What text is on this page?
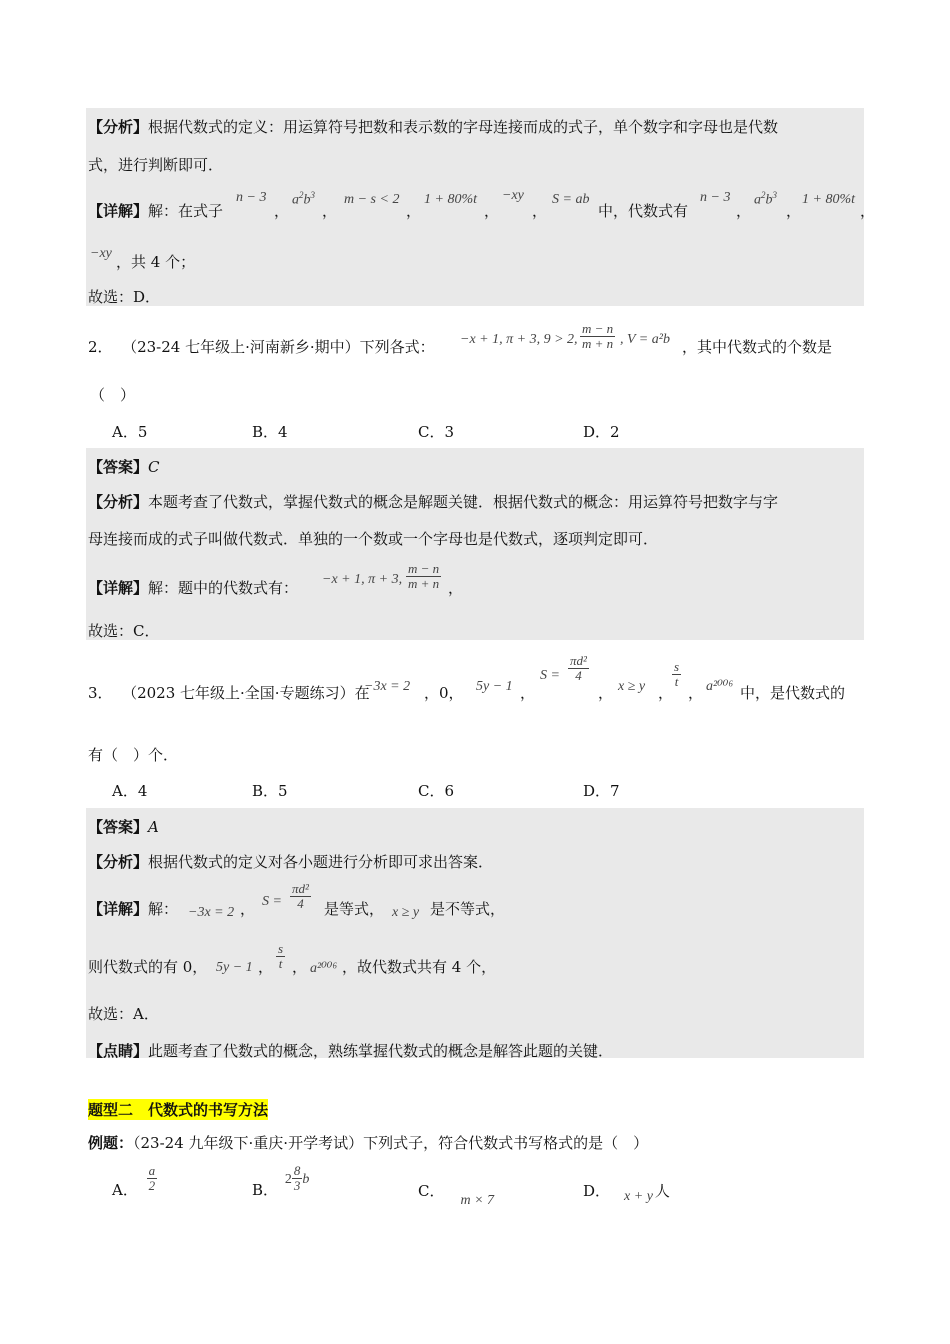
【分析】根据代数式的定义：用运算符号把数和表示数的字母连接而成的式子，单个数字和字母也是代数
式，进行判断即可．
【详解】解：在式子
n − 3
，
$a^2b^3$
，
m − s < 2
，
1 + 80%t
，
−xy
，
S = ab
中，代数式有
n − 3
，
$a^2b^3$
，
1 + 80%t
，
−xy ，共 4 个；
故选：D．
2． （23-24 七年级上·河南新乡·期中）下列各式： −x + 1, π + 3, 9 > 2, $\frac{m - n}{m + n}$ , V = a²b ，其中代数式的个数是
（　）
A．5	B．4	C．3	D．2
【答案】C
【分析】本题考查了代数式，掌握代数式的概念是解题关键．根据代数式的概念：用运算符号把数字与字
母连接而成的式子叫做代数式．单独的一个数或一个字母也是代数式，逐项判定即可．
【详解】解：题中的代数式有： −x + 1, π + 3, $\frac{m - n}{m + n}$ ，
故选：C．
3． （2023 七年级上·全国·专题练习）在
−3x = 2 ，0， 5y − 1 ，
$S = \frac{\text{πd²}}{4}$
， x ≥ y ，
$\frac{s}{t}$
， a²⁰⁰⁶ 中，是代数式的
有（　）个．
A．4	B．5	C．6	D．7
【答案】A
【分析】根据代数式的定义对各小题进行分析即可求出答案．
【详解】解： −3x = 2 ， $S = \frac{\text{πd²}}{4}$ 是等式， x ≥ y 是不等式，
则代数式的有 0， 5y − 1 ， $\frac{s}{t}$ ， a²⁰⁰⁶ ，故代数式共有 4 个，
故选：A．
【点睛】此题考查了代数式的概念，熟练掌握代数式的概念是解答此题的关键．
题型二　代数式的书写方法
例题：（23-24 九年级下·重庆·开学考试）下列式子，符合代数式书写格式的是（　）
A． $\frac{a}{2}$	B． $2 \frac{8}{3}$ b
C．m × 7
D． x + y 人
